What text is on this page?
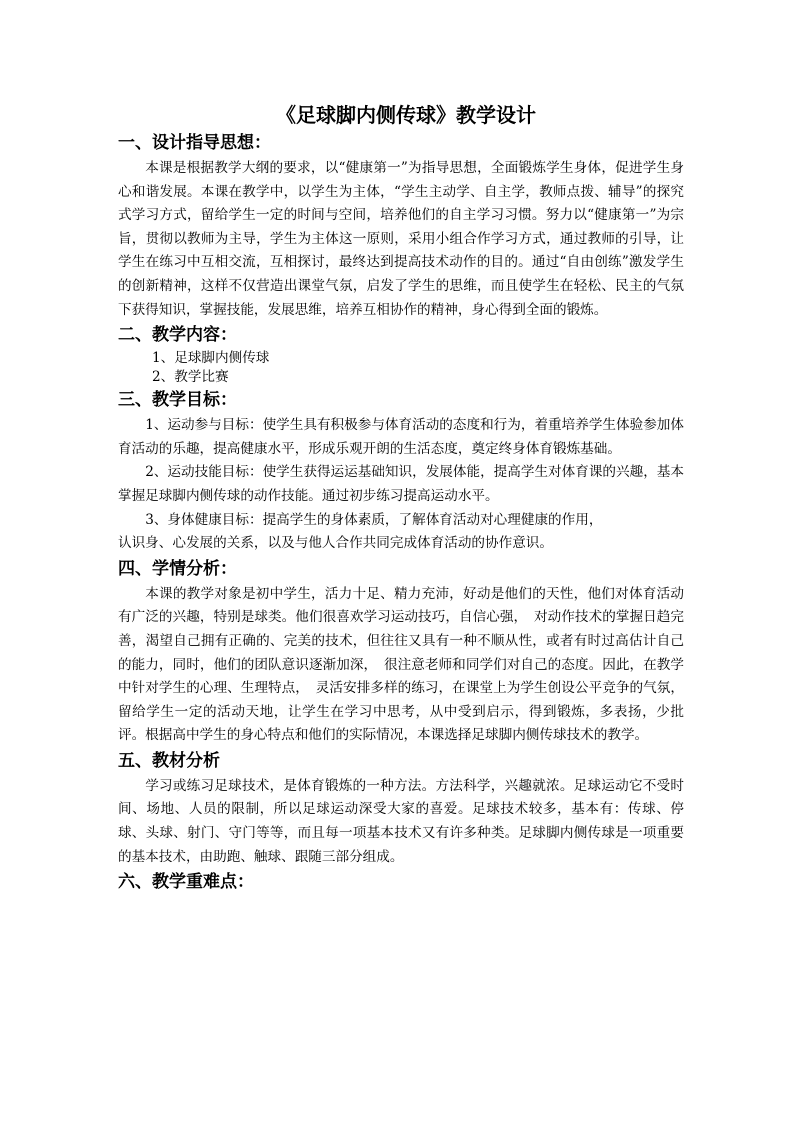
《足球脚内侧传球》教学设计
一、设计指导思想：

本课是根据教学大纲的要求，以“健康第一”为指导思想，全面锻炼学生身体，促进学生身心和谐发展。本课在教学中，以学生为主体，“学生主动学、自主学，教师点拨、辅导”的探究式学习方式，留给学生一定的时间与空间，培养他们的自主学习习惯。努力以“健康第一”为宗旨，贯彻以教师为主导，学生为主体这一原则，采用小组合作学习方式，通过教师的引导，让学生在练习中互相交流，互相探讨，最终达到提高技术动作的目的。通过“自由创练”激发学生的创新精神，这样不仅营造出课堂气氛，启发了学生的思维，而且使学生在轻松、民主的气氛下获得知识，掌握技能，发展思维，培养互相协作的精神，身心得到全面的锻炼。

二、教学内容：

1、足球脚内侧传球

2、教学比赛

三、教学目标：

1、运动参与目标：使学生具有积极参与体育活动的态度和行为，着重培养学生体验参加体育活动的乐趣，提高健康水平，形成乐观开朗的生活态度，奠定终身体育锻炼基础。

2、运动技能目标：使学生获得运运基础知识，发展体能，提高学生对体育课的兴趣，基本掌握足球脚内侧传球的动作技能。通过初步练习提高运动水平。

3、身体健康目标：提高学生的身体素质，了解体育活动对心理健康的作用，

认识身、心发展的关系，以及与他人合作共同完成体育活动的协作意识。

四、学情分析：

本课的教学对象是初中学生，活力十足、精力充沛，好动是他们的天性，他们对体育活动有广泛的兴趣，特别是球类。他们很喜欢学习运动技巧，自信心强，　对动作技术的掌握日趋完善，渴望自己拥有正确的、完美的技术，但往往又具有一种不顺从性，或者有时过高估计自己的能力，同时，他们的团队意识逐渐加深，　很注意老师和同学们对自己的态度。因此，在教学中针对学生的心理、生理特点，　灵活安排多样的练习，在课堂上为学生创设公平竞争的气氛，留给学生一定的活动天地，让学生在学习中思考，从中受到启示，得到锻炼，多表扬，少批评。根据高中学生的身心特点和他们的实际情况，本课选择足球脚内侧传球技术的教学。

五、教材分析

学习或练习足球技术，是体育锻炼的一种方法。方法科学，兴趣就浓。足球运动它不受时间、场地、人员的限制，所以足球运动深受大家的喜爱。足球技术较多，基本有：传球、停球、头球、射门、守门等等，而且每一项基本技术又有许多种类。足球脚内侧传球是一项重要的基本技术，由助跑、触球、跟随三部分组成。

六、教学重难点：
